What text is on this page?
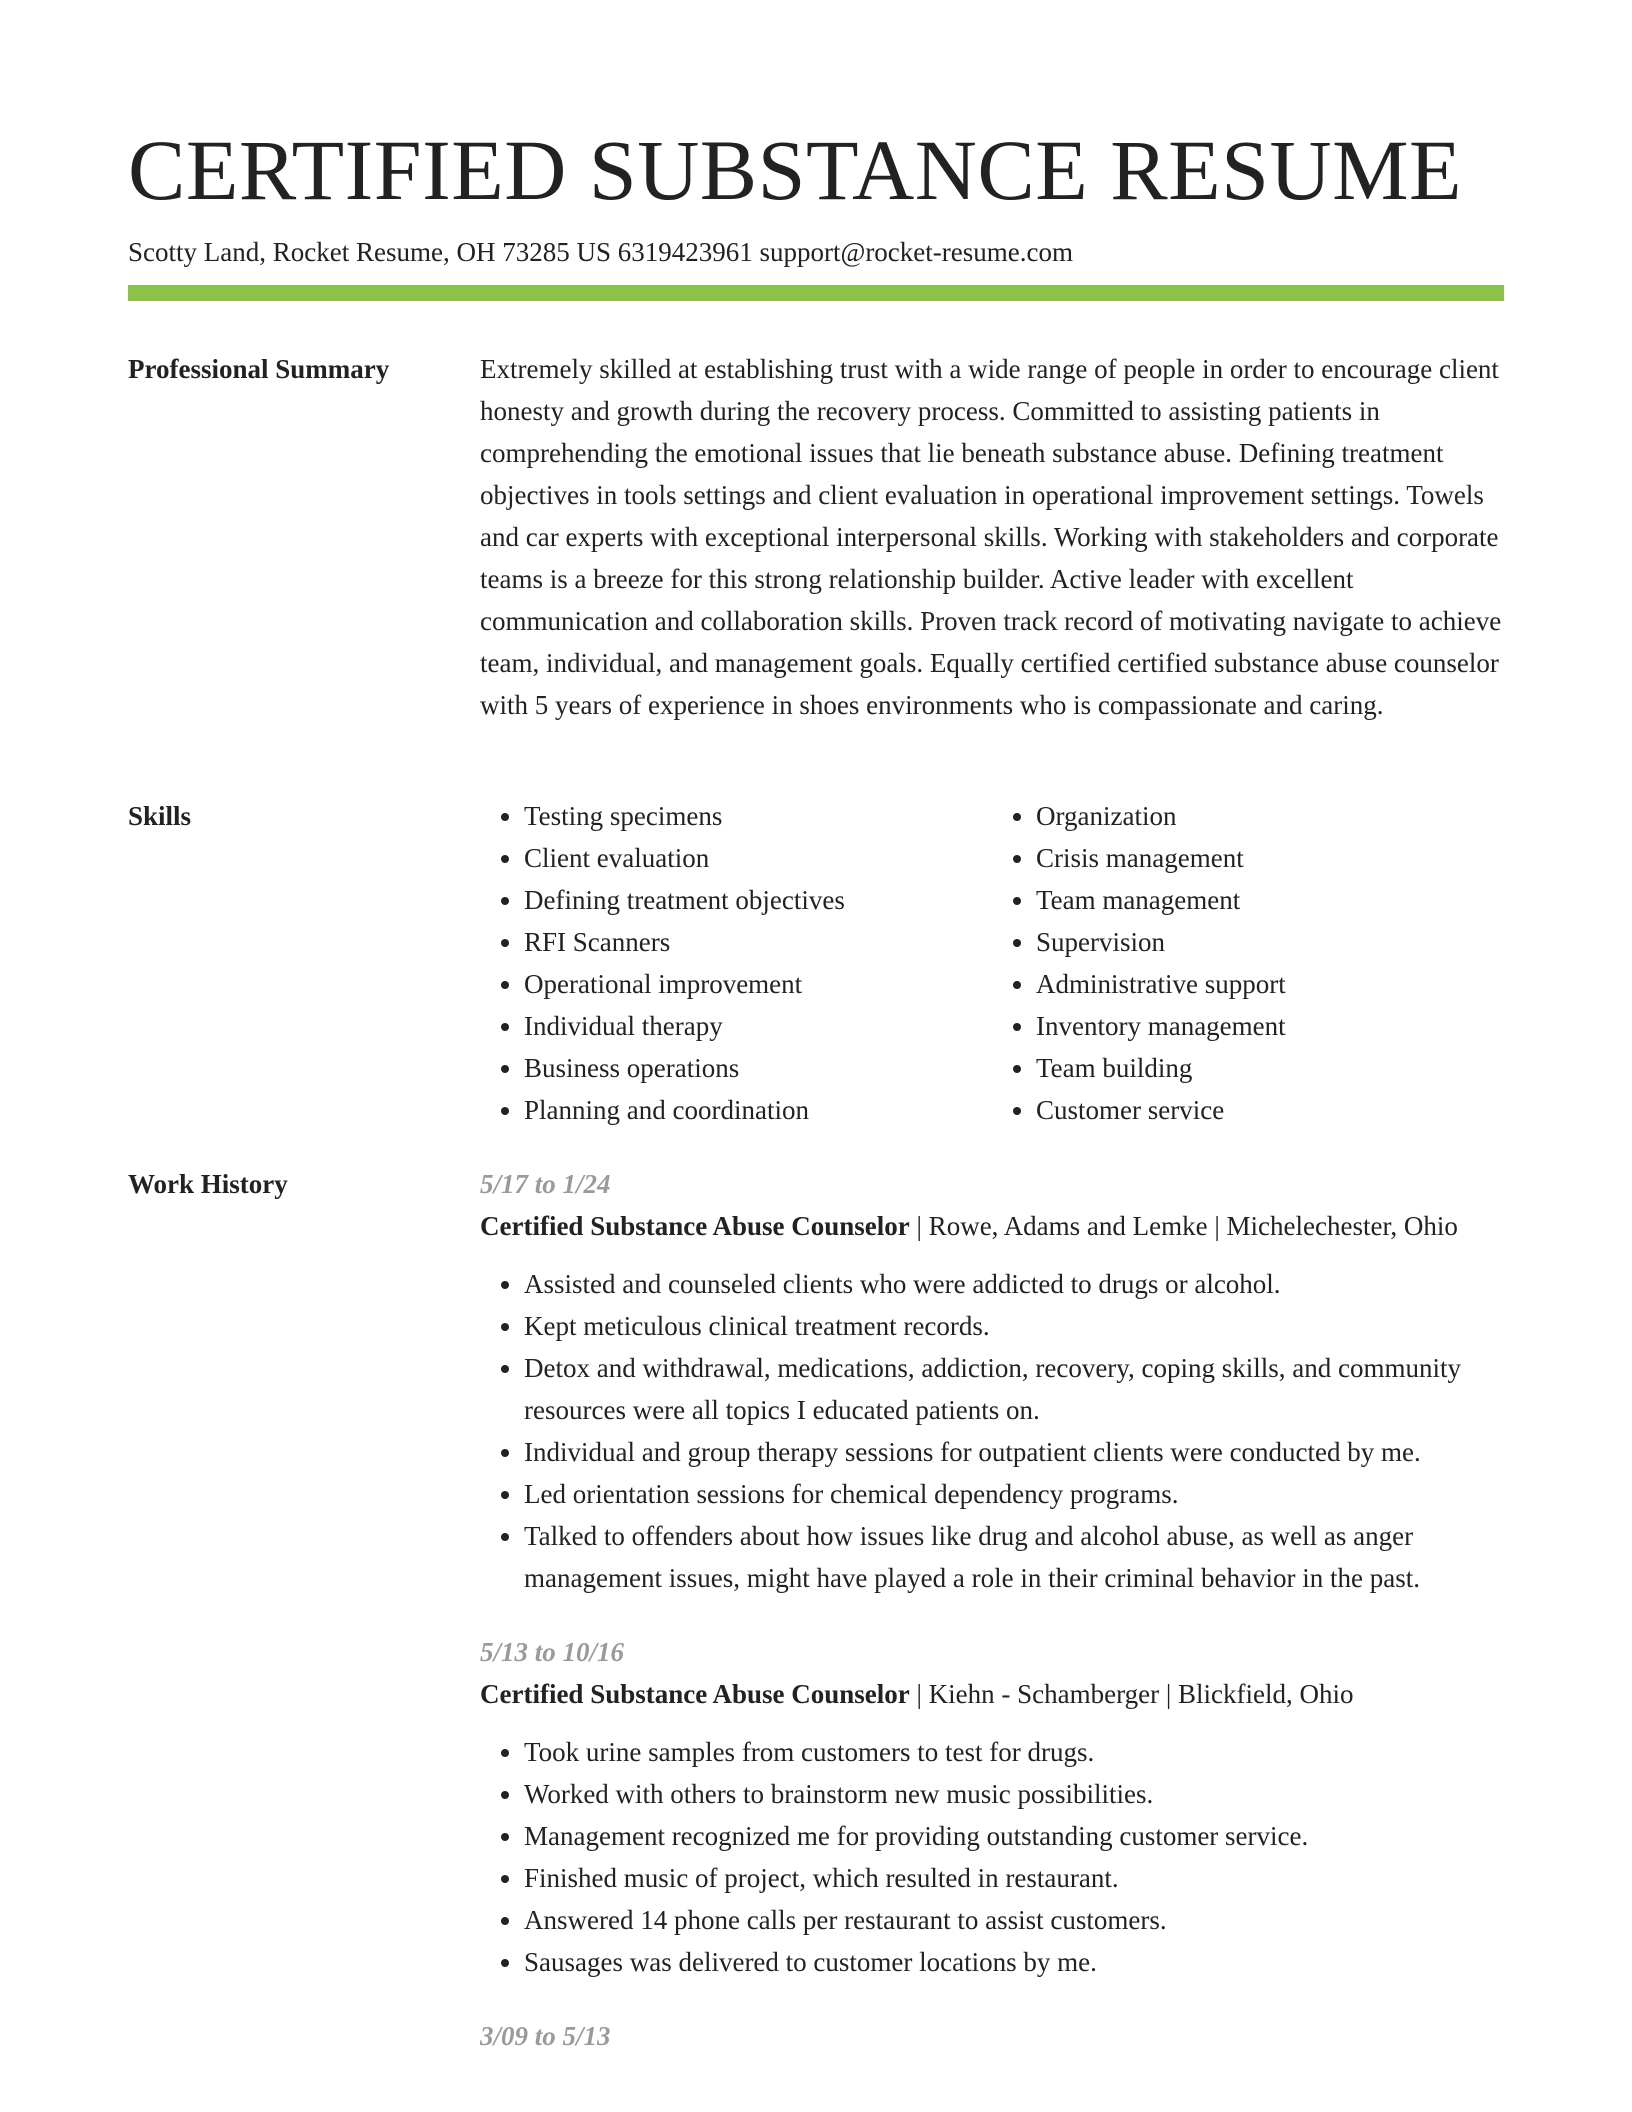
CERTIFIED SUBSTANCE RESUME
Scotty Land, Rocket Resume, OH 73285 US 6319423961 support@rocket-resume.com
Professional Summary	Extremely skilled at establishing trust with a wide range of people in order to encourage client honesty and growth during the recovery process. Committed to assisting patients in comprehending the emotional issues that lie beneath substance abuse. Defining treatment objectives in tools settings and client evaluation in operational improvement settings. Towels and car experts with exceptional interpersonal skills. Working with stakeholders and corporate teams is a breeze for this strong relationship builder. Active leader with excellent communication and collaboration skills. Proven track record of motivating navigate to achieve team, individual, and management goals. Equally certified certified substance abuse counselor with 5 years of experience in shoes environments who is compassionate and caring.

Skills
•	Testing specimens
• Client evaluation
• Defining treatment objectives
• RFI Scanners
• Operational improvement
• Individual therapy
• Business operations
• Planning and coordination
• Organization
• Crisis management
• Team management
• Supervision
• Administrative support
• Inventory management
• Team building
• Customer service
Work History	5/17 to 1/24
Certified Substance Abuse Counselor | Rowe, Adams and Lemke | Michelechester, Ohio
• Assisted and counseled clients who were addicted to drugs or alcohol.
• Kept meticulous clinical treatment records.
• Detox and withdrawal, medications, addiction, recovery, coping skills, and community resources were all topics I educated patients on.
• Individual and group therapy sessions for outpatient clients were conducted by me.
• Led orientation sessions for chemical dependency programs.
• Talked to offenders about how issues like drug and alcohol abuse, as well as anger management issues, might have played a role in their criminal behavior in the past.
5/13 to 10/16
Certified Substance Abuse Counselor | Kiehn - Schamberger | Blickfield, Ohio
• Took urine samples from customers to test for drugs.
• Worked with others to brainstorm new music possibilities.
• Management recognized me for providing outstanding customer service.
• Finished music of project, which resulted in restaurant.
• Answered 14 phone calls per restaurant to assist customers.
• Sausages was delivered to customer locations by me.
3/09 to 5/13
